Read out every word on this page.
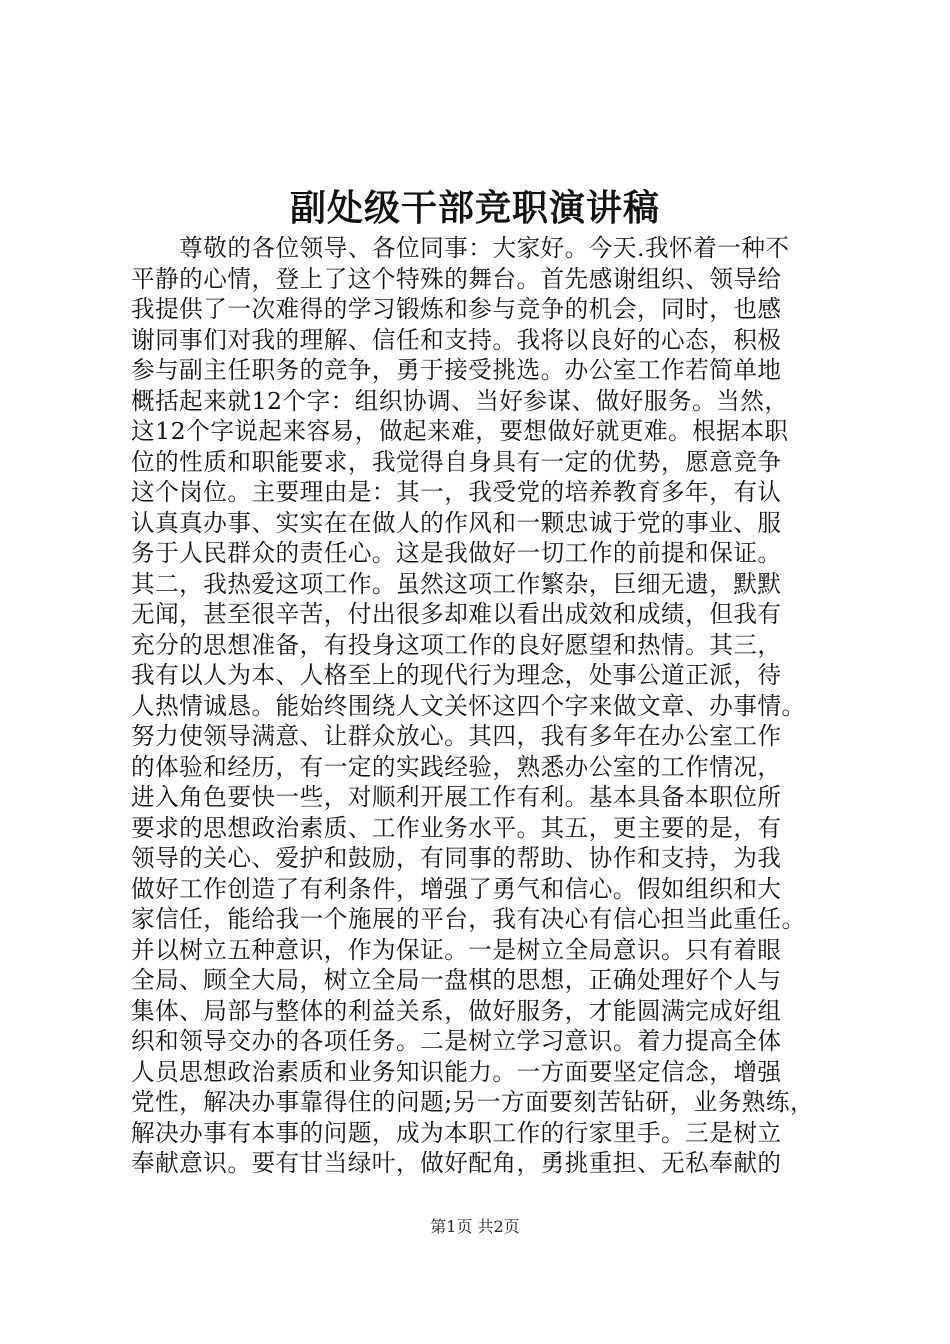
副处级干部竞职演讲稿
　　尊敬的各位领导、各位同事：大家好。今天.我怀着一种不
平静的心情，登上了这个特殊的舞台。首先感谢组织、领导给
我提供了一次难得的学习锻炼和参与竞争的机会，同时，也感
谢同事们对我的理解、信任和支持。我将以良好的心态，积极
参与副主任职务的竞争，勇于接受挑选。办公室工作若简单地
概括起来就12个字：组织协调、当好参谋、做好服务。当然，
这12个字说起来容易，做起来难，要想做好就更难。根据本职
位的性质和职能要求，我觉得自身具有一定的优势，愿意竞争
这个岗位。主要理由是：其一，我受党的培养教育多年，有认
认真真办事、实实在在做人的作风和一颗忠诚于党的事业、服
务于人民群众的责任心。这是我做好一切工作的前提和保证。
其二，我热爱这项工作。虽然这项工作繁杂，巨细无遗，默默
无闻，甚至很辛苦，付出很多却难以看出成效和成绩，但我有
充分的思想准备，有投身这项工作的良好愿望和热情。其三，
我有以人为本、人格至上的现代行为理念，处事公道正派，待
人热情诚恳。能始终围绕人文关怀这四个字来做文章、办事情。
努力使领导满意、让群众放心。其四，我有多年在办公室工作
的体验和经历，有一定的实践经验，熟悉办公室的工作情况，
进入角色要快一些，对顺利开展工作有利。基本具备本职位所
要求的思想政治素质、工作业务水平。其五，更主要的是，有
领导的关心、爱护和鼓励，有同事的帮助、协作和支持，为我
做好工作创造了有利条件，增强了勇气和信心。假如组织和大
家信任，能给我一个施展的平台，我有决心有信心担当此重任。
并以树立五种意识，作为保证。一是树立全局意识。只有着眼
全局、顾全大局，树立全局一盘棋的思想，正确处理好个人与
集体、局部与整体的利益关系，做好服务，才能圆满完成好组
织和领导交办的各项任务。二是树立学习意识。着力提高全体
人员思想政治素质和业务知识能力。一方面要坚定信念，增强
党性，解决办事靠得住的问题;另一方面要刻苦钻研，业务熟练，
解决办事有本事的问题，成为本职工作的行家里手。三是树立
奉献意识。要有甘当绿叶，做好配角，勇挑重担、无私奉献的
第1页 共2页
